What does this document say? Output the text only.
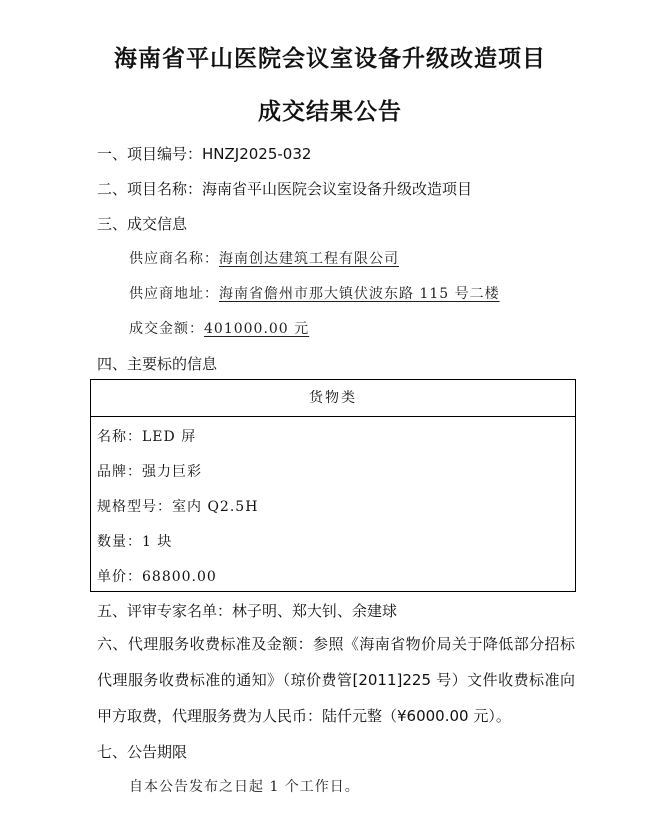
海南省平山医院会议室设备升级改造项目
成交结果公告
一、项目编号：HNZJ2025-032
二、项目名称：海南省平山医院会议室设备升级改造项目
三、成交信息
供应商名称：海南创达建筑工程有限公司
供应商地址：海南省儋州市那大镇伏波东路 115 号二楼
成交金额：401000.00 元
四、主要标的信息
货物类
名称：LED 屏
品牌：强力巨彩
规格型号：室内 Q2.5H
数量：1 块
单价：68800.00
五、评审专家名单：林子明、郑大钊、余建球
六、代理服务收费标准及金额：参照《海南省物价局关于降低部分招标代理服务收费标准的通知》（琼价费管[2011]225 号）文件收费标准向甲方取费，代理服务费为人民币：陆仟元整（¥6000.00 元）。
七、公告期限
自本公告发布之日起 1 个工作日。
